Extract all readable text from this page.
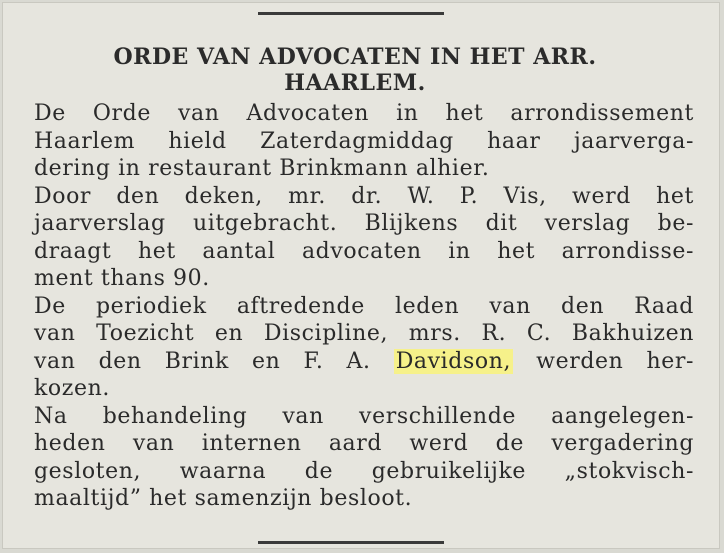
ORDE VAN ADVOCATEN IN HET ARR.
HAARLEM.
De Orde van Advocaten in het arrondissement
Haarlem hield Zaterdagmiddag haar jaarverga-
dering in restaurant Brinkmann alhier.
Door den deken, mr. dr. W. P. Vis, werd het
jaarverslag uitgebracht. Blijkens dit verslag be-
draagt het aantal advocaten in het arrondisse-
ment thans 90.
De periodiek aftredende leden van den Raad
van Toezicht en Discipline, mrs. R. C. Bakhuizen
van den Brink en F. A. Davidson, werden her-
kozen.
Na behandeling van verschillende aangelegen-
heden van internen aard werd de vergadering
gesloten, waarna de gebruikelijke „stokvisch-
maaltijd” het samenzijn besloot.
